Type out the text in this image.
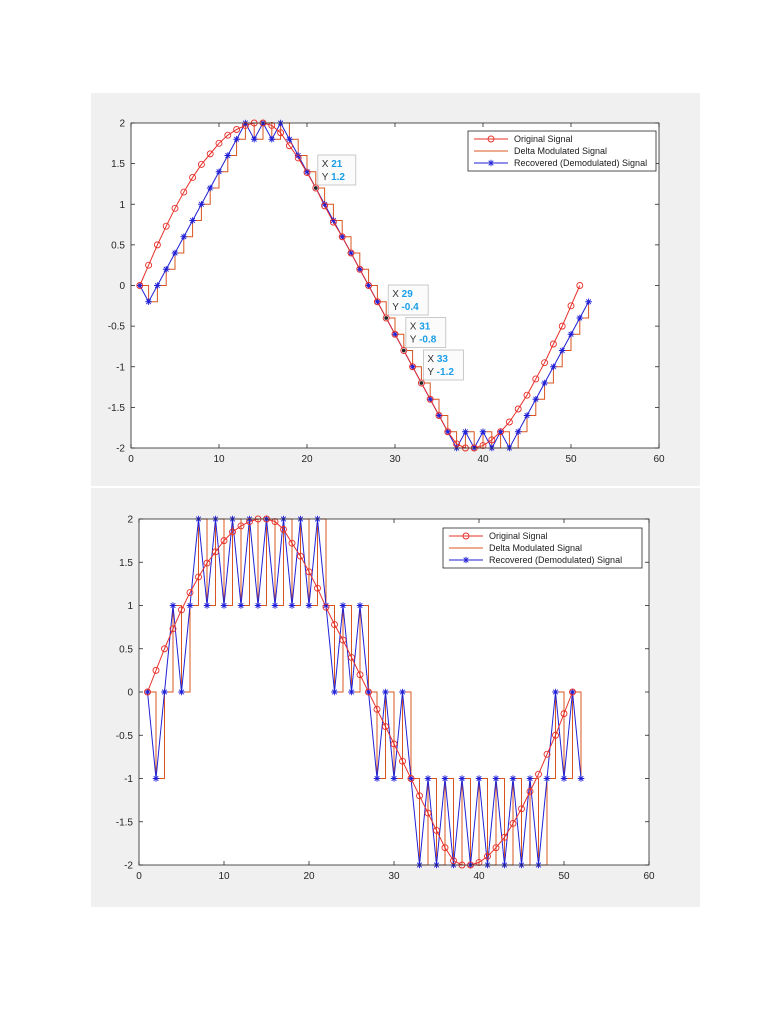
0	10	20	30	40	50	60
-2
-1.5
-1
-0.5
0
0.5
1
1.5
2
Original Signal
Delta Modulated Signal
Recovered (Demodulated) Signal
X 21
Y 1.2
X 29
Y -0.4
X 31
Y -0.8
X 33
Y -1.2
0	10	20	30	40	50	60
-2
-1.5
-1
-0.5
0
0.5
1
1.5
2
Original Signal
Delta Modulated Signal
Recovered (Demodulated) Signal
